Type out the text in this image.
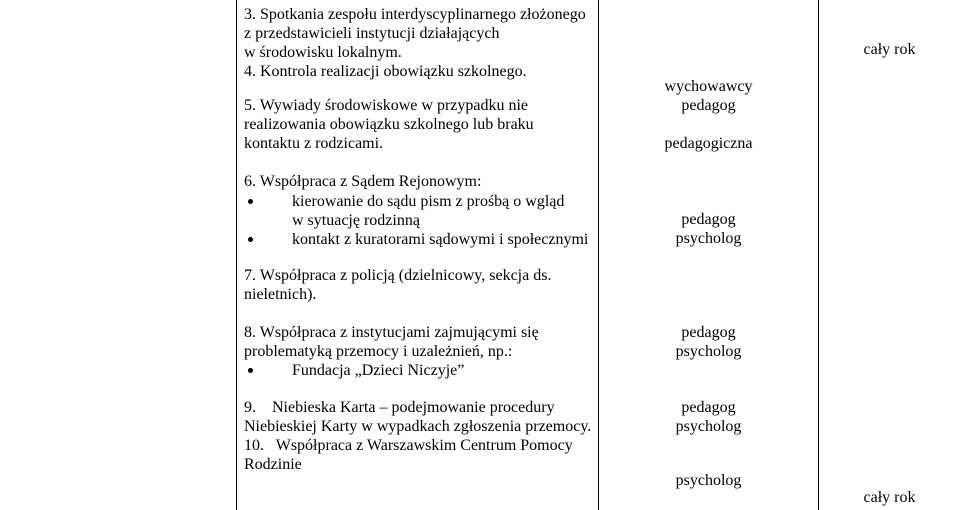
3. Spotkania zespołu interdyscyplinarnego złożonego
z przedstawicieli instytucji działających
w środowisku lokalnym.
4. Kontrola realizacji obowiązku szkolnego.
5. Wywiady środowiskowe w przypadku nie
realizowania obowiązku szkolnego lub braku
kontaktu z rodzicami.
6. Współpraca z Sądem Rejonowym:
kierowanie do sądu pism z prośbą o wgląd
w sytuację rodzinną
kontakt z kuratorami sądowymi i społecznymi
7. Współpraca z policją (dzielnicowy, sekcja ds.
nieletnich).
8. Współpraca z instytucjami zajmującymi się
problematyką przemocy i uzależnień, np.:
Fundacja „Dzieci Niczyje”
9.    Niebieska Karta – podejmowanie procedury
Niebieskiej Karty w wypadkach zgłoszenia przemocy.
10.   Współpraca z Warszawskim Centrum Pomocy
Rodzinie
wychowawcy
pedagog
pedagogiczna
pedagog
psycholog
pedagog
psycholog
pedagog
psycholog
psycholog
cały rok
cały rok
